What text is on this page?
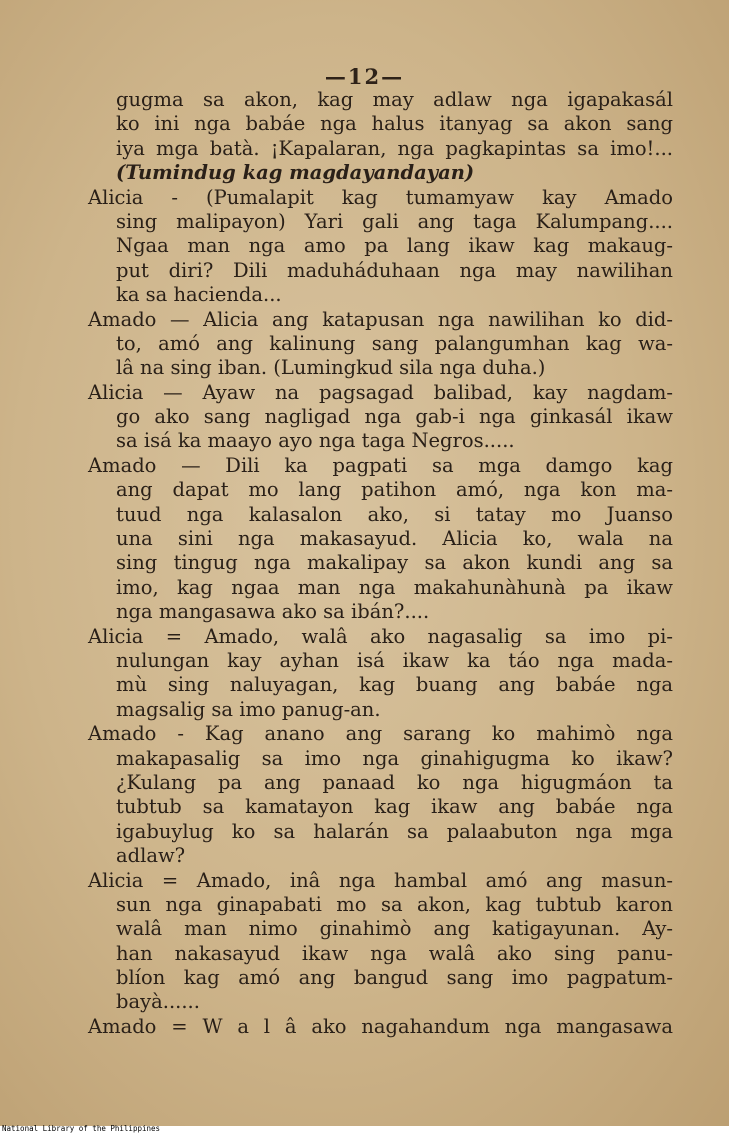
—12—
gugma sa akon, kag may adlaw nga igapakasál
ko ini nga babáe nga halus itanyag sa akon sang
iya mga batà. ¡Kapalaran, nga pagkapintas sa imo!...
(Tumindug kag magdayandayan)
Alicia - (Pumalapit kag tumamyaw kay Amado
sing malipayon) Yari gali ang taga Kalumpang....
Ngaa man nga amo pa lang ikaw kag makaug-
put diri? Dili maduháduhaan nga may nawilihan
ka sa hacienda...
Amado — Alicia ang katapusan nga nawilihan ko did-
to, amó ang kalinung sang palangumhan kag wa-
lâ na sing iban. (Lumingkud sila nga duha.)
Alicia — Ayaw na pagsagad balibad, kay nagdam-
go ako sang nagligad nga gab-i nga ginkasál ikaw
sa isá ka maayo ayo nga taga Negros.....
Amado — Dili ka pagpati sa mga damgo kag
ang dapat mo lang patihon amó, nga kon ma-
tuud nga kalasalon ako, si tatay mo Juanso
una sini nga makasayud. Alicia ko, wala na
sing tingug nga makalipay sa akon kundi ang sa
imo, kag ngaa man nga makahunàhunà pa ikaw
nga mangasawa ako sa ibán?....
Alicia = Amado, walâ ako nagasalig sa imo pi-
nulungan kay ayhan isá ikaw ka táo nga mada-
mù sing naluyagan, kag buang ang babáe nga
magsalig sa imo panug-an.
Amado - Kag anano ang sarang ko mahimò nga
makapasalig sa imo nga ginahigugma ko ikaw?
¿Kulang pa ang panaad ko nga higugmáon ta
tubtub sa kamatayon kag ikaw ang babáe nga
igabuylug ko sa halarán sa palaabuton nga mga
adlaw?
Alicia = Amado, inâ nga hambal amó ang masun-
sun nga ginapabati mo sa akon, kag tubtub karon
walâ man nimo ginahimò ang katigayunan. Ay-
han nakasayud ikaw nga walâ ako sing panu-
blíon kag amó ang bangud sang imo pagpatum-
bayà......
Amado = W a l â ako nagahandum nga mangasawa
National Library of the Philippines
